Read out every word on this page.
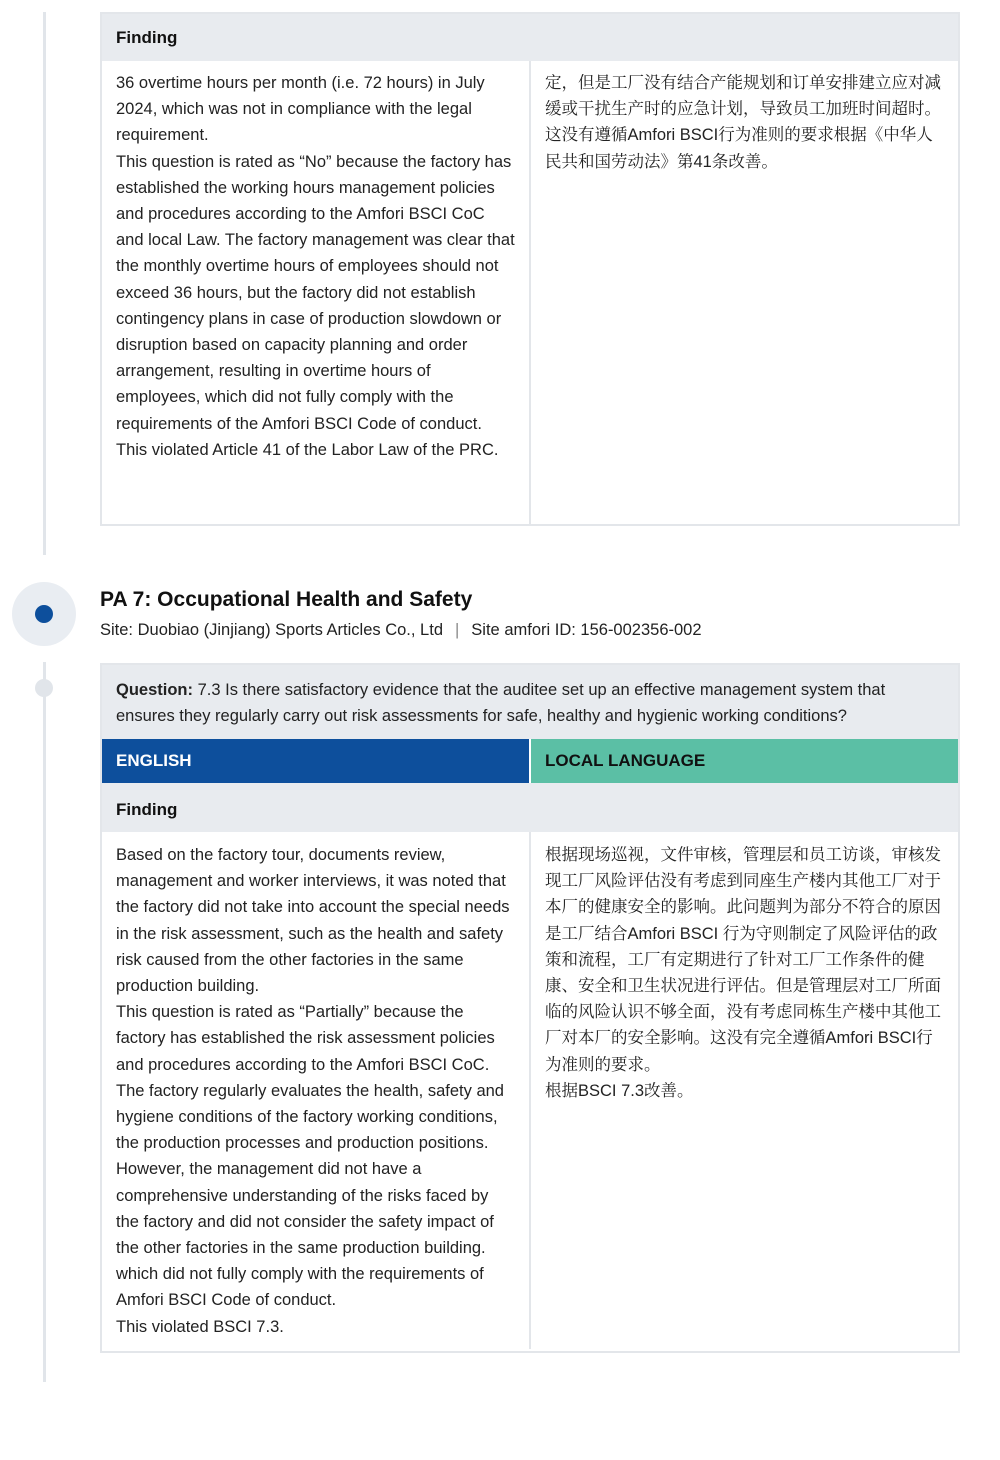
Finding
36 overtime hours per month (i.e. 72 hours) in July 2024, which was not in compliance with the legal requirement.
This question is rated as “No” because the factory has established the working hours management policies and procedures according to the Amfori BSCI CoC and local Law. The factory management was clear that the monthly overtime hours of employees should not exceed 36 hours, but the factory did not establish contingency plans in case of production slowdown or disruption based on capacity planning and order arrangement, resulting in overtime hours of employees, which did not fully comply with the requirements of the Amfori BSCI Code of conduct.
This violated Article 41 of the Labor Law of the PRC.
定，但是工厂没有结合产能规划和订单安排建立应对减缓或干扰生产时的应急计划，导致员工加班时间超时。这没有遵循Amfori BSCI行为准则的要求根据《中华人民共和国劳动法》第41条改善。
PA 7: Occupational Health and Safety
Site: Duobiao (Jinjiang) Sports Articles Co., Ltd | Site amfori ID: 156-002356-002
Question: 7.3 Is there satisfactory evidence that the auditee set up an effective management system that ensures they regularly carry out risk assessments for safe, healthy and hygienic working conditions?
ENGLISH	LOCAL LANGUAGE
Finding
Based on the factory tour, documents review, management and worker interviews, it was noted that the factory did not take into account the special needs in the risk assessment, such as the health and safety risk caused from the other factories in the same production building.
This question is rated as “Partially” because the factory has established the risk assessment policies and procedures according to the Amfori BSCI CoC. The factory regularly evaluates the health, safety and hygiene conditions of the factory working conditions, the production processes and production positions. However, the management did not have a comprehensive understanding of the risks faced by the factory and did not consider the safety impact of the other factories in the same production building. which did not fully comply with the requirements of Amfori BSCI Code of conduct.
This violated BSCI 7.3.
根据现场巡视，文件审核，管理层和员工访谈，审核发现工厂风险评估没有考虑到同座生产楼内其他工厂对于本厂的健康安全的影响。此问题判为部分不符合的原因是工厂结合Amfori BSCI 行为守则制定了风险评估的政策和流程，工厂有定期进行了针对工厂工作条件的健康、安全和卫生状况进行评估。但是管理层对工厂所面临的风险认识不够全面，没有考虑同栋生产楼中其他工厂对本厂的安全影响。这没有完全遵循Amfori BSCI行为准则的要求。
根据BSCI 7.3改善。
